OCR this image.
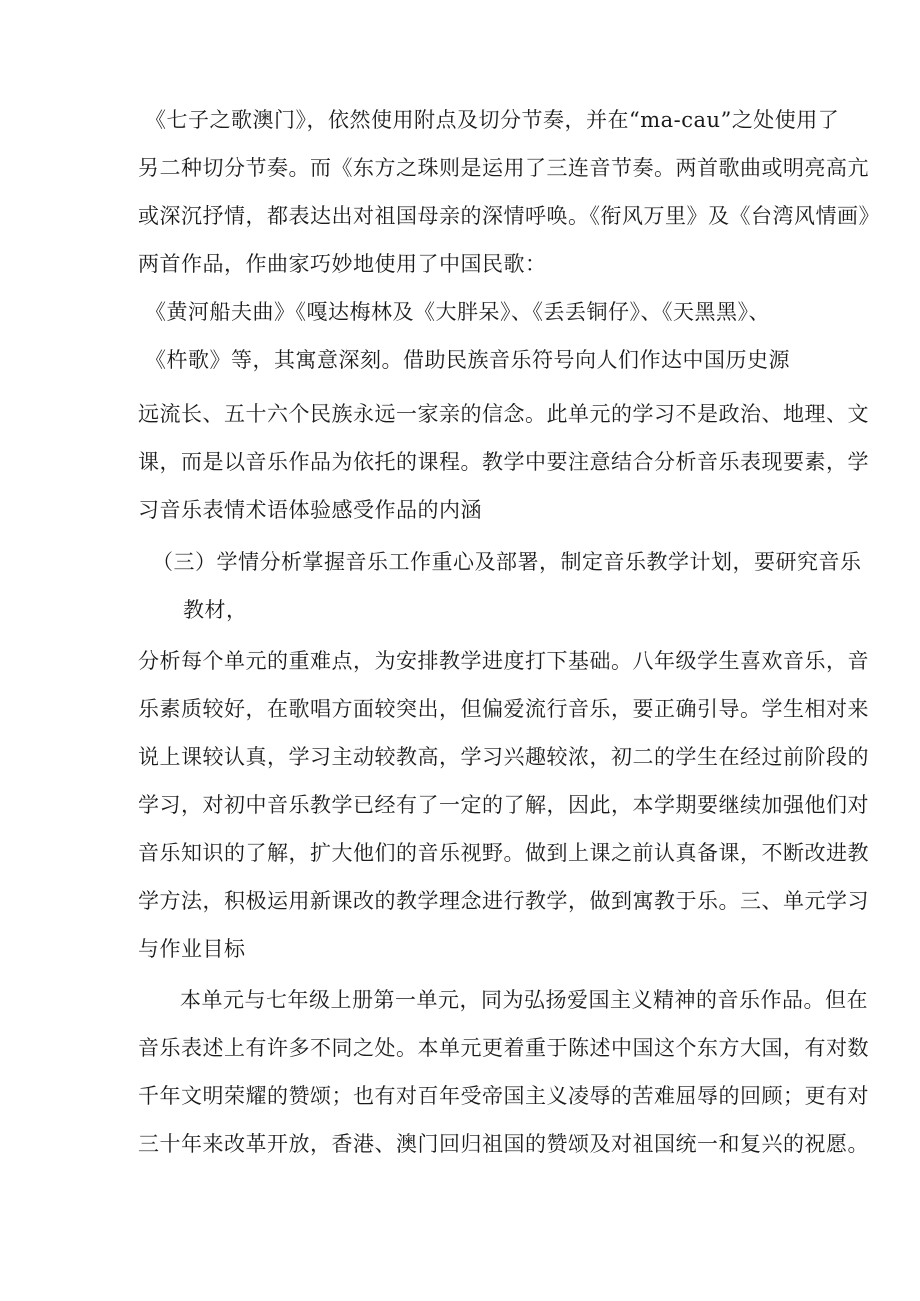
《七子之歌澳门》，依然使用附点及切分节奏，并在“ma-cau”之处使用了
另二种切分节奏。而《东方之珠则是运用了三连音节奏。两首歌曲或明亮高亢
或深沉抒情，都表达出对祖国母亲的深情呼唤。《衔风万里》及《台湾风情画》
两首作品，作曲家巧妙地使用了中国民歌：
《黄河船夫曲》《嘎达梅林及《大胖呆》、《丢丢铜仔》、《天黑黑》、
《杵歌》等，其寓意深刻。借助民族音乐符号向人们作达中国历史源
远流长、五十六个民族永远一家亲的信念。此单元的学习不是政治、地理、文
课，而是以音乐作品为依托的课程。教学中要注意结合分析音乐表现要素，学
习音乐表情术语体验感受作品的内涵
（三）学情分析掌握音乐工作重心及部署，制定音乐教学计划，要研究音乐
教材，
分析每个单元的重难点，为安排教学进度打下基础。八年级学生喜欢音乐，音
乐素质较好，在歌唱方面较突出，但偏爱流行音乐，要正确引导。学生相对来
说上课较认真，学习主动较教高，学习兴趣较浓，初二的学生在经过前阶段的
学习，对初中音乐教学已经有了一定的了解，因此，本学期要继续加强他们对
音乐知识的了解，扩大他们的音乐视野。做到上课之前认真备课，不断改进教
学方法，积极运用新课改的教学理念进行教学，做到寓教于乐。三、单元学习
与作业目标
本单元与七年级上册第一单元，同为弘扬爱国主义精神的音乐作品。但在
音乐表述上有许多不同之处。本单元更着重于陈述中国这个东方大国，有对数
千年文明荣耀的赞颂；也有对百年受帝国主义凌辱的苦难屈辱的回顾；更有对
三十年来改革开放，香港、澳门回归祖国的赞颂及对祖国统一和复兴的祝愿。
